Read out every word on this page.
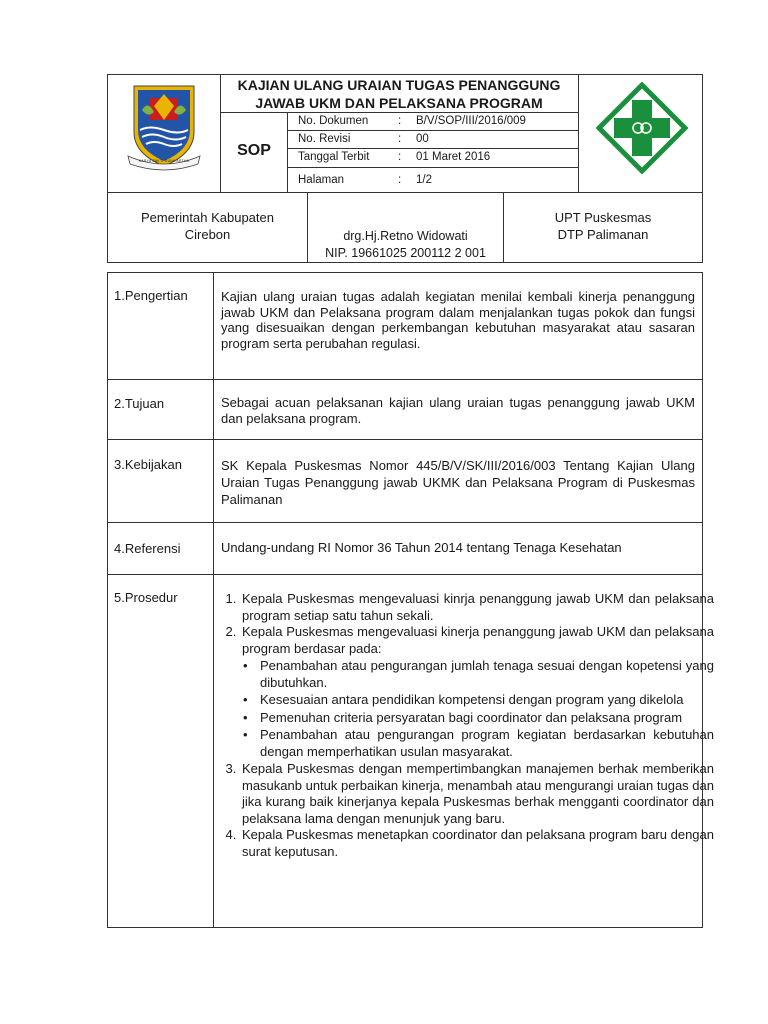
KARYA SAKTI GUNA ARTHA
KAJIAN ULANG URAIAN TUGAS PENANGGUNG
JAWAB UKM DAN PELAKSANA PROGRAM
SOP
No. Dokumen	: B/V/SOP/III/2016/009
No. Revisi	: 00
Tanggal Terbit : 01 Maret 2016
Halaman	: 1/2
Pemerintah Kabupaten
Cirebon	drg.Hj.Retno Widowati
NIP. 19661025 200112 2 001
UPT Puskesmas
DTP Palimanan
1.Pengertian	Kajian ulang uraian tugas adalah kegiatan menilai kembali kinerja penanggung jawab UKM dan Pelaksana program dalam menjalankan tugas pokok dan fungsi yang disesuaikan dengan perkembangan kebutuhan masyarakat atau sasaran program serta perubahan regulasi.
2.Tujuan	Sebagai acuan pelaksanan kajian ulang uraian tugas penanggung jawab UKM dan pelaksana program.
3.Kebijakan	SK Kepala Puskesmas Nomor 445/B/V/SK/III/2016/003 Tentang Kajian Ulang Uraian Tugas Penanggung jawab UKMK dan Pelaksana Program di Puskesmas Palimanan
4.Referensi	Undang-undang RI Nomor 36 Tahun 2014 tentang Tenaga Kesehatan
5.Prosedur
1.	Kepala Puskesmas mengevaluasi kinrja penanggung jawab UKM dan pelaksana program setiap satu tahun sekali.
2. Kepala Puskesmas mengevaluasi kinerja penanggung jawab UKM dan pelaksana program berdasar pada:
• Penambahan atau pengurangan jumlah tenaga sesuai dengan kopetensi yang dibutuhkan.
• Kesesuaian antara pendidikan kompetensi dengan program yang dikelola
• Pemenuhan criteria persyaratan bagi coordinator dan pelaksana program
• Penambahan atau pengurangan program kegiatan berdasarkan kebutuhan dengan memperhatikan usulan masyarakat.
3. Kepala Puskesmas dengan mempertimbangkan manajemen berhak memberikan masukanb untuk perbaikan kinerja, menambah atau mengurangi uraian tugas dan jika kurang baik kinerjanya kepala Puskesmas berhak mengganti coordinator dan pelaksana lama dengan menunjuk yang baru.
4. Kepala Puskesmas menetapkan coordinator dan pelaksana program baru dengan surat keputusan.
